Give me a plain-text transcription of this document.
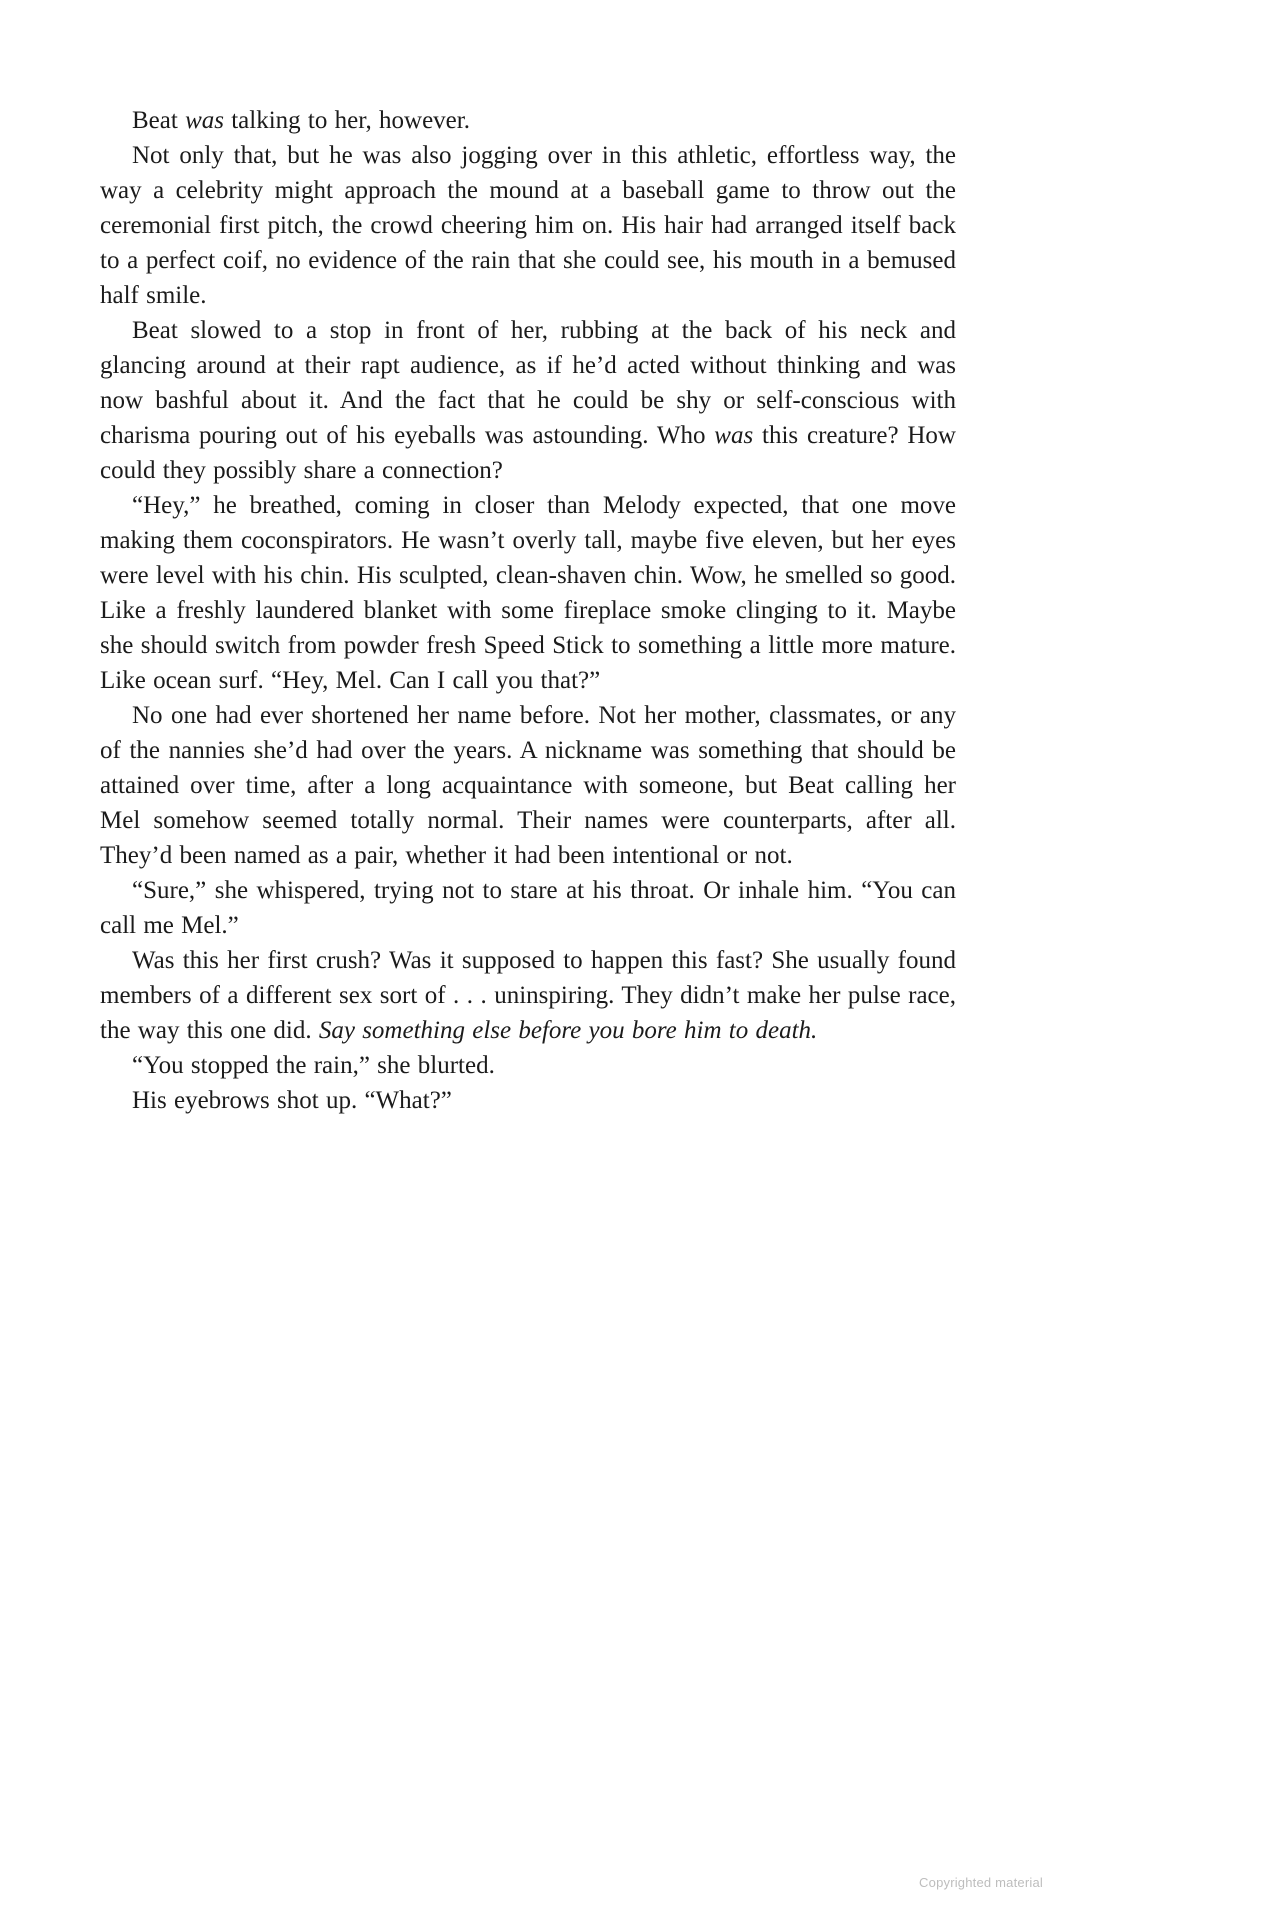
Beat was talking to her, however.

Not only that, but he was also jogging over in this athletic, effortless way, the way a celebrity might approach the mound at a baseball game to throw out the ceremonial first pitch, the crowd cheering him on. His hair had arranged itself back to a perfect coif, no evidence of the rain that she could see, his mouth in a bemused half smile.

Beat slowed to a stop in front of her, rubbing at the back of his neck and glancing around at their rapt audience, as if he’d acted without thinking and was now bashful about it. And the fact that he could be shy or self-conscious with charisma pouring out of his eyeballs was astounding. Who was this creature? How could they possibly share a connection?

“Hey,” he breathed, coming in closer than Melody expected, that one move making them coconspirators. He wasn’t overly tall, maybe five eleven, but her eyes were level with his chin. His sculpted, clean-shaven chin. Wow, he smelled so good. Like a freshly laundered blanket with some fireplace smoke clinging to it. Maybe she should switch from powder fresh Speed Stick to something a little more mature. Like ocean surf. “Hey, Mel. Can I call you that?”

No one had ever shortened her name before. Not her mother, classmates, or any of the nannies she’d had over the years. A nickname was something that should be attained over time, after a long acquaintance with someone, but Beat calling her Mel somehow seemed totally normal. Their names were counterparts, after all. They’d been named as a pair, whether it had been intentional or not.

“Sure,” she whispered, trying not to stare at his throat. Or inhale him. “You can call me Mel.”

Was this her first crush? Was it supposed to happen this fast? She usually found members of a different sex sort of . . . uninspiring. They didn’t make her pulse race, the way this one did. Say something else before you bore him to death.

“You stopped the rain,” she blurted.

His eyebrows shot up. “What?”

Copyrighted material
